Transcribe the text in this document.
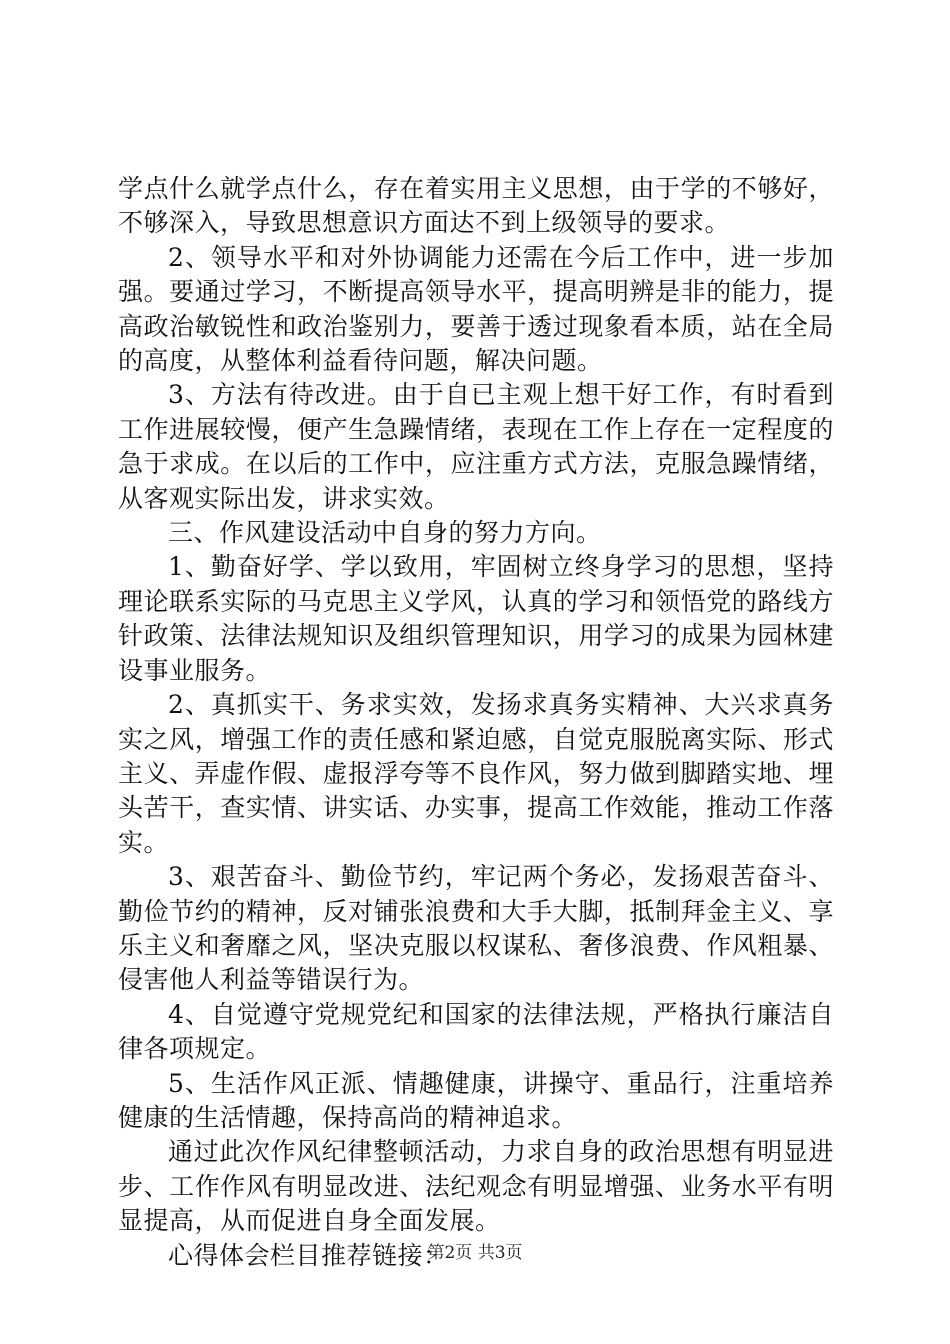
学点什么就学点什么，存在着实用主义思想，由于学的不够好，不够深入，导致思想意识方面达不到上级领导的要求。

2、领导水平和对外协调能力还需在今后工作中，进一步加强。要通过学习，不断提高领导水平，提高明辨是非的能力，提高政治敏锐性和政治鉴别力，要善于透过现象看本质，站在全局的高度，从整体利益看待问题，解决问题。

3、方法有待改进。由于自已主观上想干好工作，有时看到工作进展较慢，便产生急躁情绪，表现在工作上存在一定程度的急于求成。在以后的工作中，应注重方式方法，克服急躁情绪，从客观实际出发，讲求实效。

三、作风建设活动中自身的努力方向。

1、勤奋好学、学以致用，牢固树立终身学习的思想，坚持理论联系实际的马克思主义学风，认真的学习和领悟党的路线方针政策、法律法规知识及组织管理知识，用学习的成果为园林建设事业服务。

2、真抓实干、务求实效，发扬求真务实精神、大兴求真务实之风，增强工作的责任感和紧迫感，自觉克服脱离实际、形式主义、弄虚作假、虚报浮夸等不良作风，努力做到脚踏实地、埋头苦干，查实情、讲实话、办实事，提高工作效能，推动工作落实。

3、艰苦奋斗、勤俭节约，牢记两个务必，发扬艰苦奋斗、勤俭节约的精神，反对铺张浪费和大手大脚，抵制拜金主义、享乐主义和奢靡之风，坚决克服以权谋私、奢侈浪费、作风粗暴、侵害他人利益等错误行为。

4、自觉遵守党规党纪和国家的法律法规，严格执行廉洁自律各项规定。

5、生活作风正派、情趣健康，讲操守、重品行，注重培养健康的生活情趣，保持高尚的精神追求。

通过此次作风纪律整顿活动，力求自身的政治思想有明显进步、工作作风有明显改进、法纪观念有明显增强、业务水平有明显提高，从而促进自身全面发展。

心得体会栏目推荐链接：

第2页 共3页
